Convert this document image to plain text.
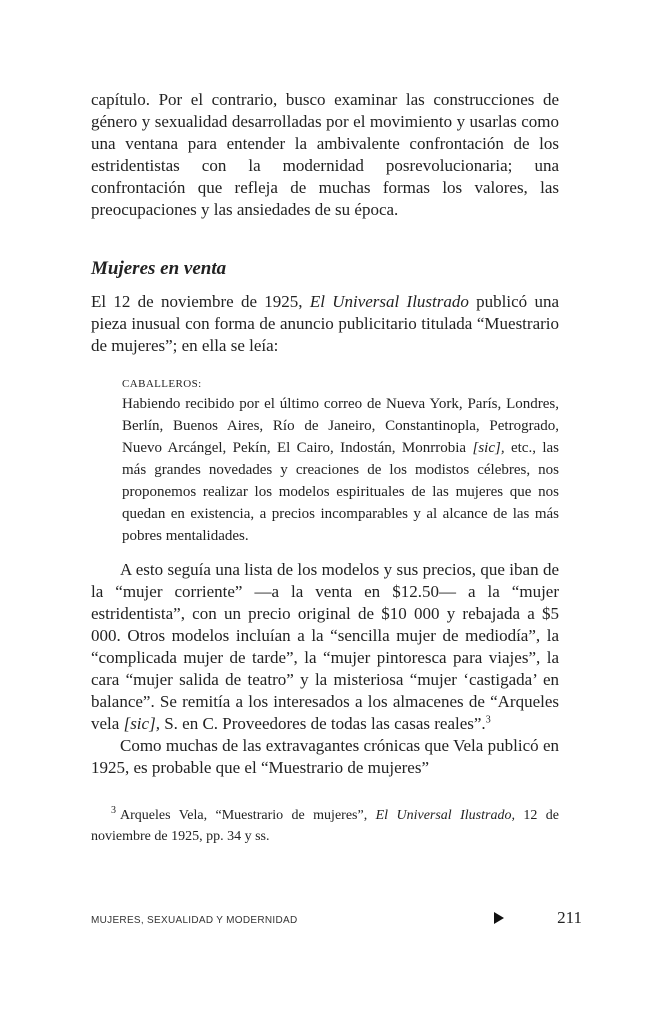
capítulo. Por el contrario, busco examinar las construcciones de género y sexualidad desarrolladas por el movimiento y usarlas como una ventana para entender la ambivalente confrontación de los estridentistas con la modernidad posrevolucionaria; una confrontación que refleja de muchas formas los valores, las preocupaciones y las ansiedades de su época.

Mujeres en venta

El 12 de noviembre de 1925, El Universal Ilustrado publicó una pieza inusual con forma de anuncio publicitario titulada “Muestrario de mujeres”; en ella se leía:

CABALLEROS:
Habiendo recibido por el último correo de Nueva York, París, Londres, Berlín, Buenos Aires, Río de Janeiro, Constantinopla, Petrogrado, Nuevo Arcángel, Pekín, El Cairo, Indostán, Monrrobia [sic], etc., las más grandes novedades y creaciones de los modistos célebres, nos proponemos realizar los modelos espirituales de las mujeres que nos quedan en existencia, a precios incomparables y al alcance de las más pobres mentalidades.

A esto seguía una lista de los modelos y sus precios, que iban de la “mujer corriente” —a la venta en $12.50— a la “mujer estridentista”, con un precio original de $10 000 y rebajada a $5 000. Otros modelos incluían a la “sencilla mujer de mediodía”, la “complicada mujer de tarde”, la “mujer pintoresca para viajes”, la cara “mujer salida de teatro” y la misteriosa “mujer ‘castigada’ en balance”. Se remitía a los interesados a los almacenes de “Arqueles vela [sic], S. en C. Proveedores de todas las casas reales”.$^3$

Como muchas de las extravagantes crónicas que Vela publicó en 1925, es probable que el “Muestrario de mujeres”

$^3$ Arqueles Vela, “Muestrario de mujeres”, El Universal Ilustrado, 12 de noviembre de 1925, pp. 34 y ss.
MUJERES, SEXUALIDAD Y MODERNIDAD	211
